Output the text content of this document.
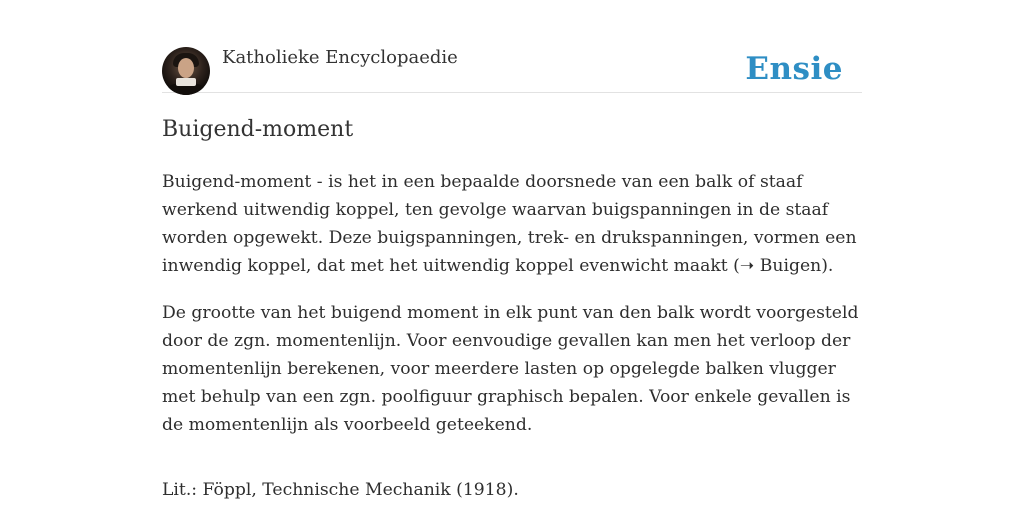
Katholieke Encyclopaedie	Ensie
Buigend-moment

Buigend-moment - is het in een bepaalde doorsnede van een balk of staaf werkend uitwendig koppel, ten gevolge waarvan buigspanningen in de staaf worden opgewekt. Deze buigspanningen, trek- en drukspanningen, vormen een inwendig koppel, dat met het uitwendig koppel evenwicht maakt (➝ Buigen).

De grootte van het buigend moment in elk punt van den balk wordt voorgesteld door de zgn. momentenlijn. Voor eenvoudige gevallen kan men het verloop der momentenlijn berekenen, voor meerdere lasten op opgelegde balken vlugger met behulp van een zgn. poolfiguur graphisch bepalen. Voor enkele gevallen is de momentenlijn als voorbeeld geteekend.

Lit.: Föppl, Technische Mechanik (1918).
